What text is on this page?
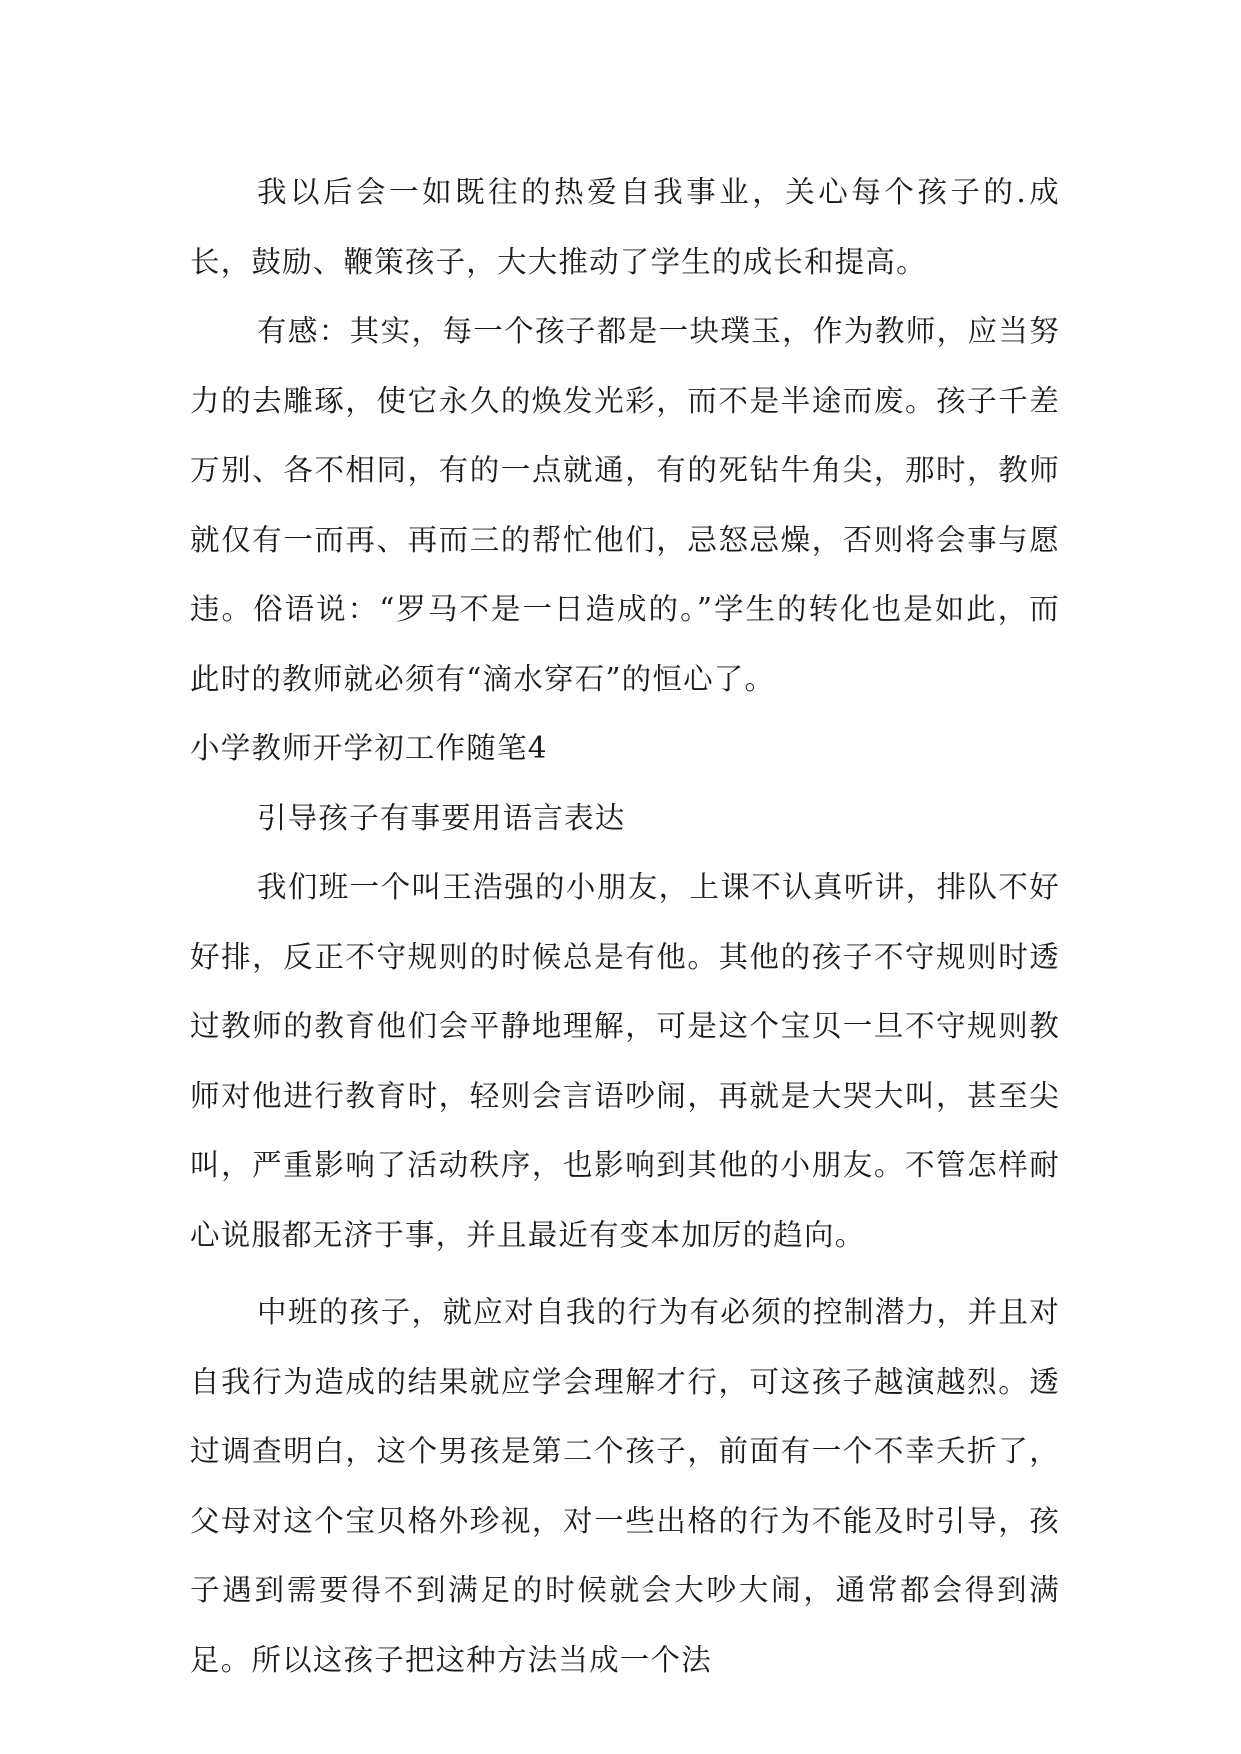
我以后会一如既往的热爱自我事业，关心每个孩子的.成长，鼓励、鞭策孩子，大大推动了学生的成长和提高。

有感：其实，每一个孩子都是一块璞玉，作为教师，应当努力的去雕琢，使它永久的焕发光彩，而不是半途而废。孩子千差万别、各不相同，有的一点就通，有的死钻牛角尖，那时，教师就仅有一而再、再而三的帮忙他们，忌怒忌燥，否则将会事与愿违。俗语说：“罗马不是一日造成的。”学生的转化也是如此，而此时的教师就必须有“滴水穿石”的恒心了。

小学教师开学初工作随笔4

引导孩子有事要用语言表达

我们班一个叫王浩强的小朋友，上课不认真听讲，排队不好好排，反正不守规则的时候总是有他。其他的孩子不守规则时透过教师的教育他们会平静地理解，可是这个宝贝一旦不守规则教师对他进行教育时，轻则会言语吵闹，再就是大哭大叫，甚至尖叫，严重影响了活动秩序，也影响到其他的小朋友。不管怎样耐心说服都无济于事，并且最近有变本加厉的趋向。

中班的孩子，就应对自我的行为有必须的控制潜力，并且对自我行为造成的结果就应学会理解才行，可这孩子越演越烈。透过调查明白，这个男孩是第二个孩子，前面有一个不幸夭折了，父母对这个宝贝格外珍视，对一些出格的行为不能及时引导，孩子遇到需要得不到满足的时候就会大吵大闹，通常都会得到满足。所以这孩子把这种方法当成一个法
